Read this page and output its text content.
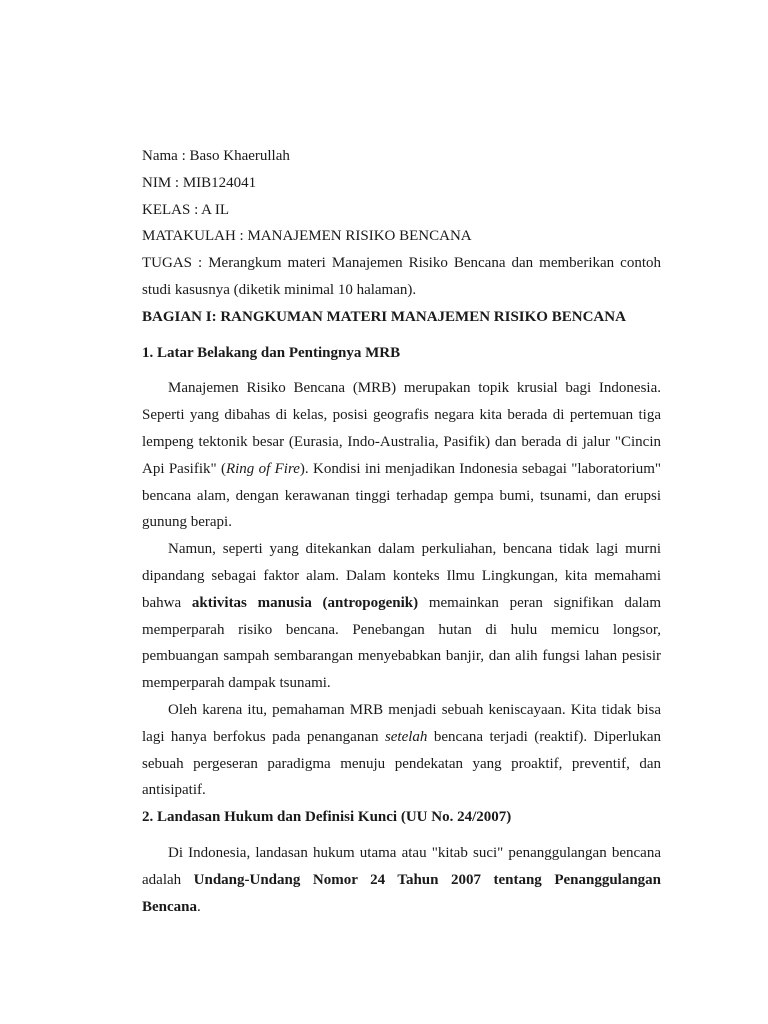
Nama : Baso Khaerullah

NIM : MIB124041

KELAS : A IL

MATAKULAH : MANAJEMEN RISIKO BENCANA

TUGAS : Merangkum materi Manajemen Risiko Bencana dan memberikan contoh studi kasusnya (diketik minimal 10 halaman).

BAGIAN I: RANGKUMAN MATERI MANAJEMEN RISIKO BENCANA
1. Latar Belakang dan Pentingnya MRB

Manajemen Risiko Bencana (MRB) merupakan topik krusial bagi Indonesia. Seperti yang dibahas di kelas, posisi geografis negara kita berada di pertemuan tiga lempeng tektonik besar (Eurasia, Indo-Australia, Pasifik) dan berada di jalur "Cincin Api Pasifik" (Ring of Fire). Kondisi ini menjadikan Indonesia sebagai "laboratorium" bencana alam, dengan kerawanan tinggi terhadap gempa bumi, tsunami, dan erupsi gunung berapi.

Namun, seperti yang ditekankan dalam perkuliahan, bencana tidak lagi murni dipandang sebagai faktor alam. Dalam konteks Ilmu Lingkungan, kita memahami bahwa aktivitas manusia (antropogenik) memainkan peran signifikan dalam memperparah risiko bencana. Penebangan hutan di hulu memicu longsor, pembuangan sampah sembarangan menyebabkan banjir, dan alih fungsi lahan pesisir memperparah dampak tsunami.

Oleh karena itu, pemahaman MRB menjadi sebuah keniscayaan. Kita tidak bisa lagi hanya berfokus pada penanganan setelah bencana terjadi (reaktif). Diperlukan sebuah pergeseran paradigma menuju pendekatan yang proaktif, preventif, dan antisipatif.

2. Landasan Hukum dan Definisi Kunci (UU No. 24/2007)

Di Indonesia, landasan hukum utama atau "kitab suci" penanggulangan bencana adalah Undang-Undang Nomor 24 Tahun 2007 tentang Penanggulangan Bencana.
